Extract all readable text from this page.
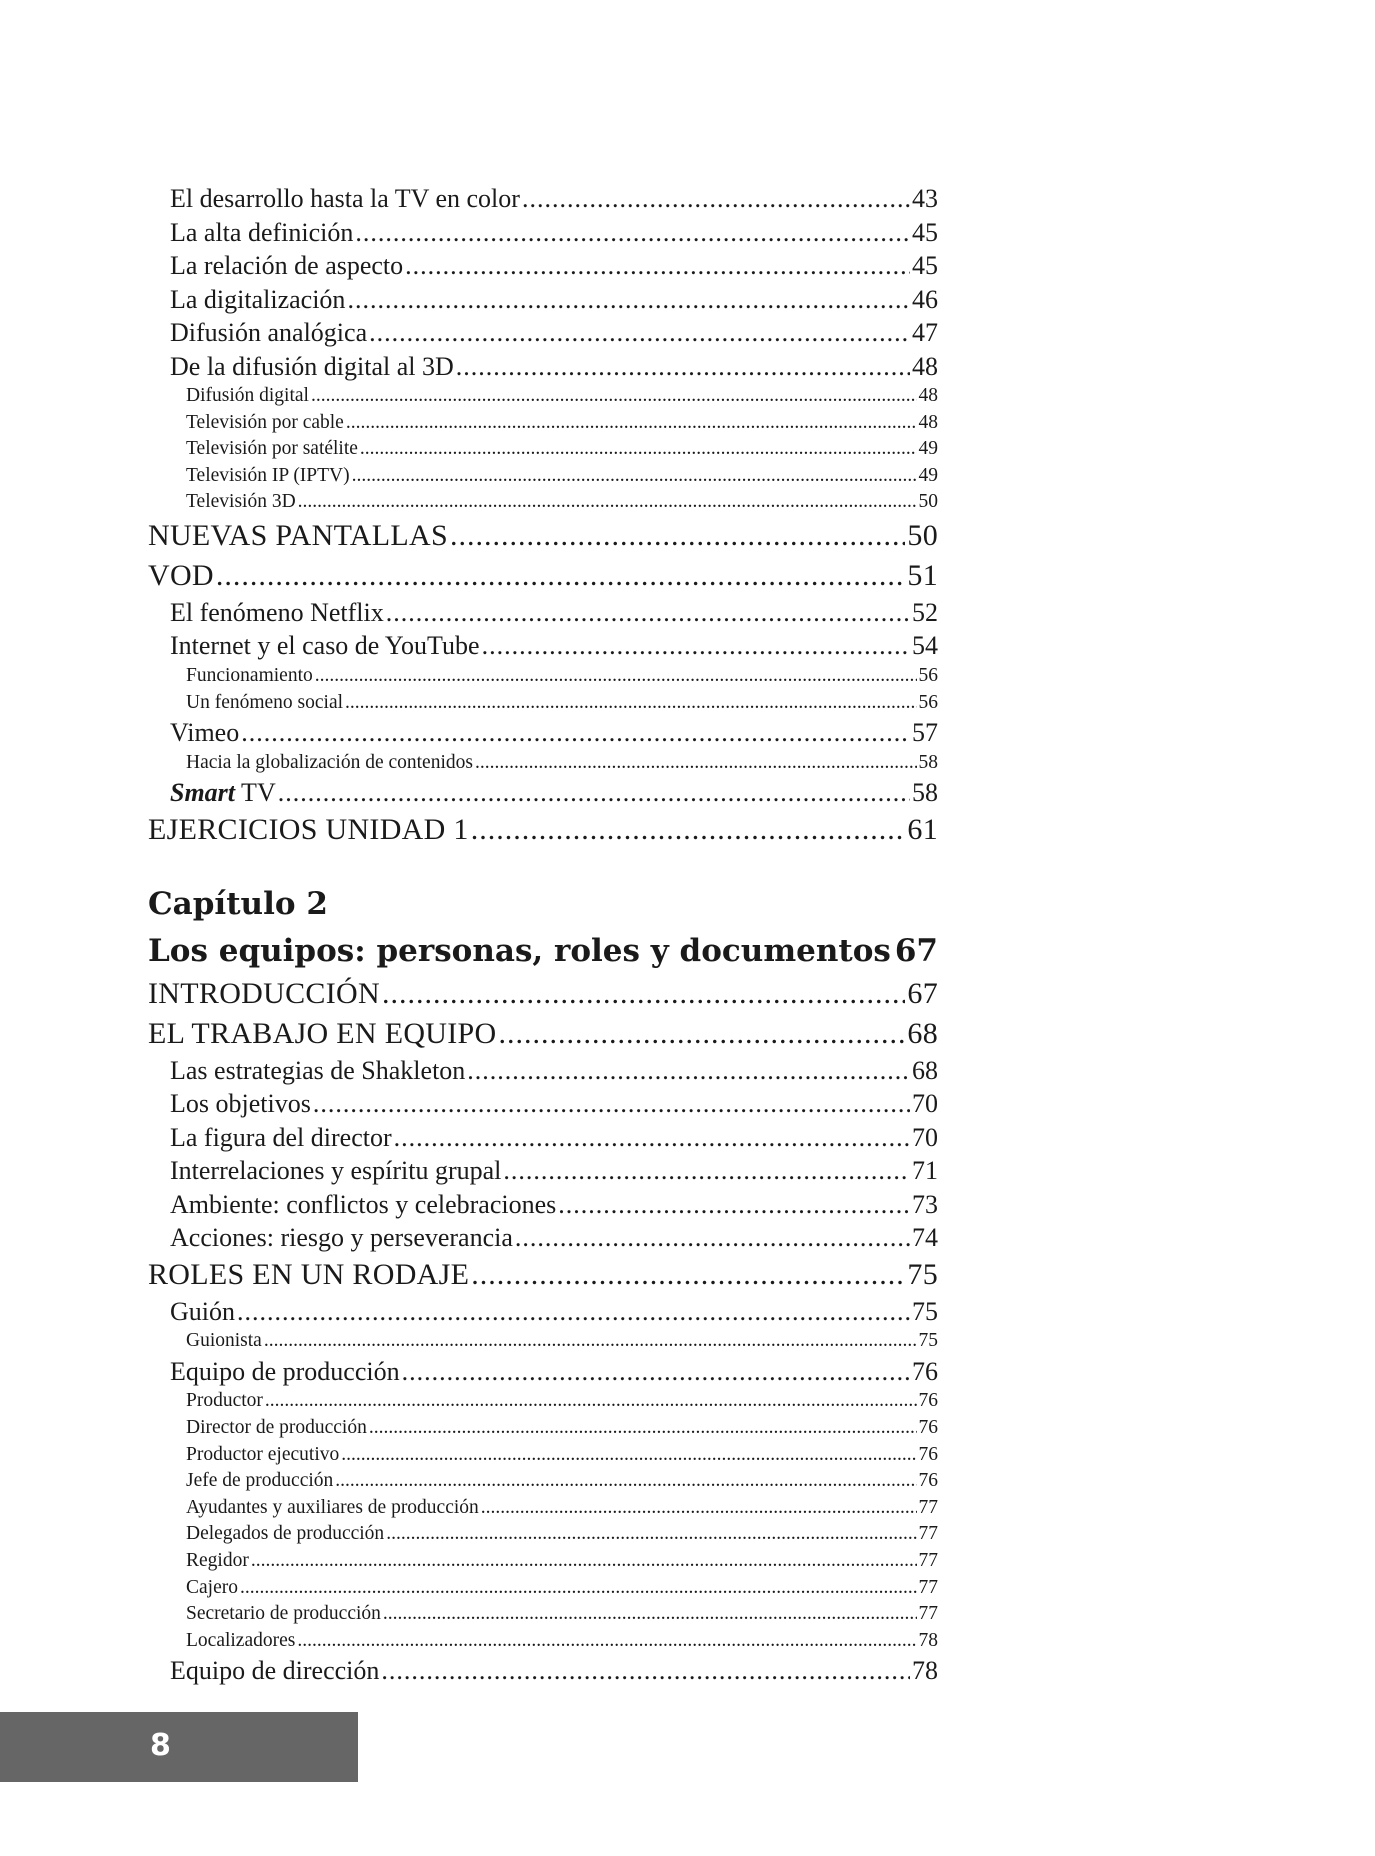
El desarrollo hasta la TV en color .....	43
La alta definición .....	45
La relación de aspecto .....	45
La digitalización .....	46
Difusión analógica .....	47
De la difusión digital al 3D .....	48
Difusión digital .....	48
Televisión por cable .....	48
Televisión por satélite .....	49
Televisión IP (IPTV) .....	49
Televisión 3D .....	50
NUEVAS PANTALLAS .....	50
VOD .....	51
El fenómeno Netflix .....	52
Internet y el caso de YouTube .....	54
Funcionamiento .....	56
Un fenómeno social .....	56
Vimeo .....	57
Hacia la globalización de contenidos .....	58
Smart TV .....	58
EJERCICIOS UNIDAD 1 .....	61
Capítulo 2
Los equipos: personas, roles y documentos ..... 67
INTRODUCCIÓN .....	67
EL TRABAJO EN EQUIPO .....	68
Las estrategias de Shakleton .....	68
Los objetivos .....	70
La figura del director .....	70
Interrelaciones y espíritu grupal .....	71
Ambiente: conflictos y celebraciones .....	73
Acciones: riesgo y perseverancia .....	74
ROLES EN UN RODAJE .....	75
Guión .....	75
Guionista .....	75
Equipo de producción .....	76
Productor .....	76
Director de producción .....	76
Productor ejecutivo .....	76
Jefe de producción .....	76
Ayudantes y auxiliares de producción .....	77
Delegados de producción .....	77
Regidor .....	77
Cajero .....	77
Secretario de producción .....	77
Localizadores .....	78
Equipo de dirección .....	78
8
